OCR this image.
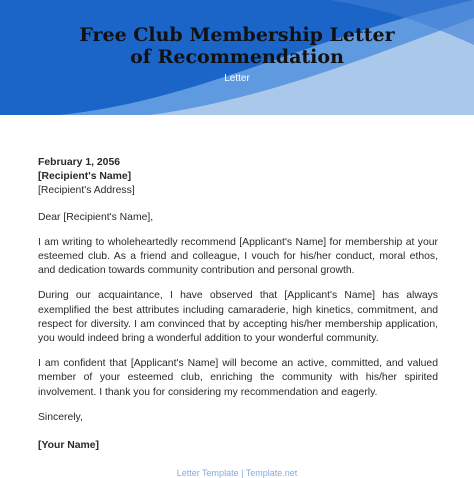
Free Club Membership Letter
of Recommendation
Letter
February 1, 2056
[Recipient's Name]
[Recipient's Address]

Dear [Recipient's Name],

I am writing to wholeheartedly recommend [Applicant's Name] for membership at your esteemed club. As a friend and colleague, I vouch for his/her conduct, moral ethos, and dedication towards community contribution and personal growth.

During our acquaintance, I have observed that [Applicant's Name] has always exemplified the best attributes including camaraderie, high kinetics, commitment, and respect for diversity. I am convinced that by accepting his/her membership application, you would indeed bring a wonderful addition to your wonderful community.

I am confident that [Applicant's Name] will become an active, committed, and valued member of your esteemed club, enriching the community with his/her spirited involvement. I thank you for considering my recommendation and eagerly.

Sincerely,

[Your Name]
Letter Template | Template.net
